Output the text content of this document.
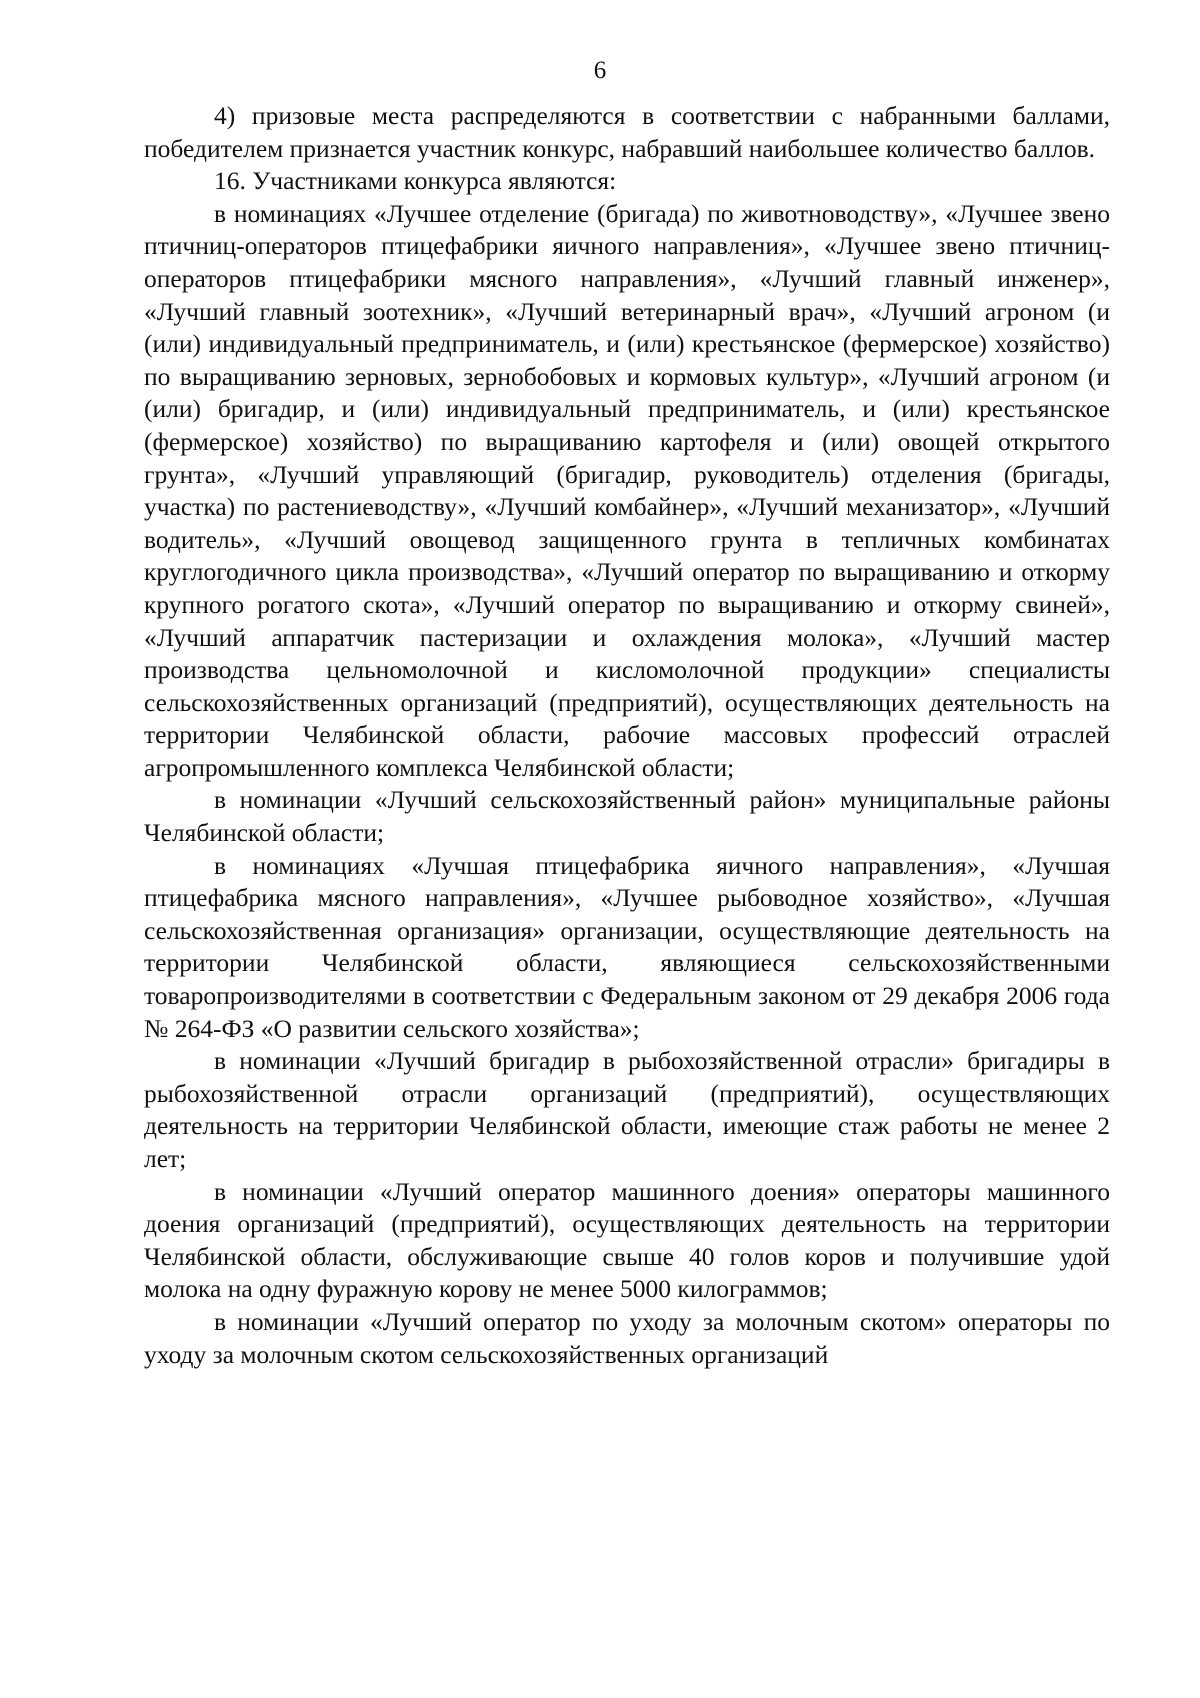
6

4) призовые места распределяются в соответствии с набранными баллами, победителем признается участник конкурс, набравший наибольшее количество баллов.

16. Участниками конкурса являются:

в номинациях «Лучшее отделение (бригада) по животноводству», «Лучшее звено птичниц-операторов птицефабрики яичного направления», «Лучшее звено птичниц-операторов птицефабрики мясного направления», «Лучший главный инженер», «Лучший главный зоотехник», «Лучший ветеринарный врач», «Лучший агроном (и (или) индивидуальный предприниматель, и (или) крестьянское (фермерское) хозяйство) по выращиванию зерновых, зернобобовых и кормовых культур», «Лучший агроном (и (или) бригадир, и (или) индивидуальный предприниматель, и (или) крестьянское (фермерское) хозяйство) по выращиванию картофеля и (или) овощей открытого грунта», «Лучший управляющий (бригадир, руководитель) отделения (бригады, участка) по растениеводству», «Лучший комбайнер», «Лучший механизатор», «Лучший водитель», «Лучший овощевод защищенного грунта в тепличных комбинатах круглогодичного цикла производства», «Лучший оператор по выращиванию и откорму крупного рогатого скота», «Лучший оператор по выращиванию и откорму свиней», «Лучший аппаратчик пастеризации и охлаждения молока», «Лучший мастер производства цельномолочной и кисломолочной продукции» специалисты сельскохозяйственных организаций (предприятий), осуществляющих деятельность на территории Челябинской области, рабочие массовых профессий отраслей агропромышленного комплекса Челябинской области;

в номинации «Лучший сельскохозяйственный район» муниципальные районы Челябинской области;

в номинациях «Лучшая птицефабрика яичного направления», «Лучшая птицефабрика мясного направления», «Лучшее рыбоводное хозяйство», «Лучшая сельскохозяйственная организация» организации, осуществляющие деятельность на территории Челябинской области, являющиеся сельскохозяйственными товаропроизводителями в соответствии с Федеральным законом от 29 декабря 2006 года № 264-ФЗ «О развитии сельского хозяйства»;

в номинации «Лучший бригадир в рыбохозяйственной отрасли» бригадиры в рыбохозяйственной отрасли организаций (предприятий), осуществляющих деятельность на территории Челябинской области, имеющие стаж работы не менее 2 лет;

в номинации «Лучший оператор машинного доения» операторы машинного доения организаций (предприятий), осуществляющих деятельность на территории Челябинской области, обслуживающие свыше 40 голов коров и получившие удой молока на одну фуражную корову не менее 5000 килограммов;

в номинации «Лучший оператор по уходу за молочным скотом» операторы по уходу за молочным скотом сельскохозяйственных организаций
